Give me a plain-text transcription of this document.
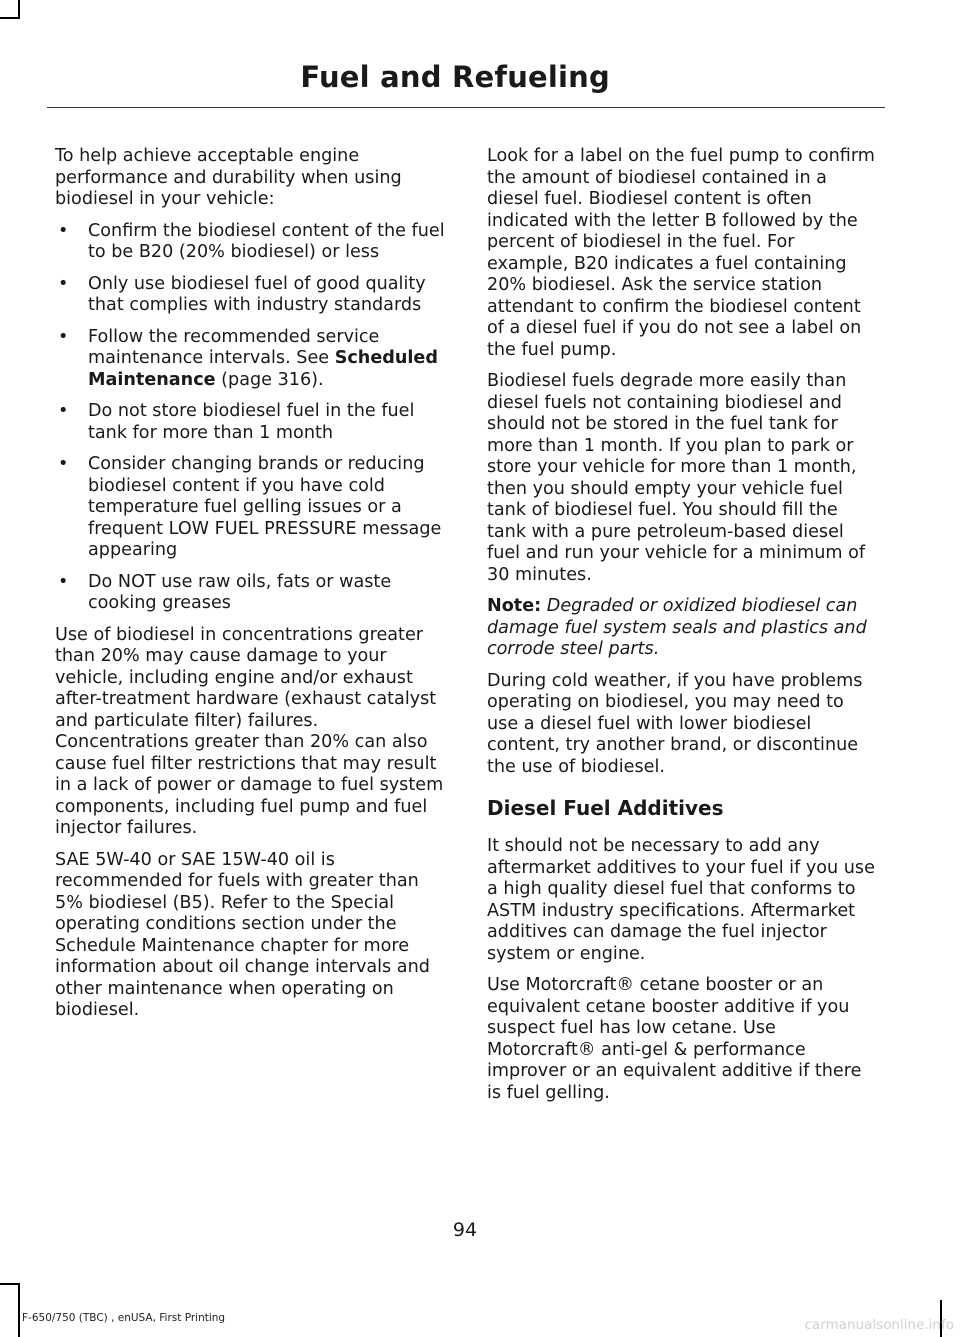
Fuel and Refueling

To help achieve acceptable engine performance and durability when using biodiesel in your vehicle:

• Confirm the biodiesel content of the fuel to be B20 (20% biodiesel) or less
• Only use biodiesel fuel of good quality that complies with industry standards
• Follow the recommended service maintenance intervals. See Scheduled Maintenance (page 316).
• Do not store biodiesel fuel in the fuel tank for more than 1 month
• Consider changing brands or reducing biodiesel content if you have cold temperature fuel gelling issues or a frequent LOW FUEL PRESSURE message appearing
• Do NOT use raw oils, fats or waste cooking greases

Use of biodiesel in concentrations greater than 20% may cause damage to your vehicle, including engine and/or exhaust after-treatment hardware (exhaust catalyst and particulate filter) failures. Concentrations greater than 20% can also cause fuel filter restrictions that may result in a lack of power or damage to fuel system components, including fuel pump and fuel injector failures.

SAE 5W-40 or SAE 15W-40 oil is recommended for fuels with greater than 5% biodiesel (B5). Refer to the Special operating conditions section under the Schedule Maintenance chapter for more information about oil change intervals and other maintenance when operating on biodiesel.

Look for a label on the fuel pump to confirm the amount of biodiesel contained in a diesel fuel. Biodiesel content is often indicated with the letter B followed by the percent of biodiesel in the fuel. For example, B20 indicates a fuel containing 20% biodiesel. Ask the service station attendant to confirm the biodiesel content of a diesel fuel if you do not see a label on the fuel pump.

Biodiesel fuels degrade more easily than diesel fuels not containing biodiesel and should not be stored in the fuel tank for more than 1 month. If you plan to park or store your vehicle for more than 1 month, then you should empty your vehicle fuel tank of biodiesel fuel. You should fill the tank with a pure petroleum-based diesel fuel and run your vehicle for a minimum of 30 minutes.

Note: Degraded or oxidized biodiesel can damage fuel system seals and plastics and corrode steel parts.

During cold weather, if you have problems operating on biodiesel, you may need to use a diesel fuel with lower biodiesel content, try another brand, or discontinue the use of biodiesel.

Diesel Fuel Additives

It should not be necessary to add any aftermarket additives to your fuel if you use a high quality diesel fuel that conforms to ASTM industry specifications. Aftermarket additives can damage the fuel injector system or engine.

Use Motorcraft® cetane booster or an equivalent cetane booster additive if you suspect fuel has low cetane. Use Motorcraft® anti-gel & performance improver or an equivalent additive if there is fuel gelling.

94
F-650/750 (TBC) , enUSA, First Printing	carmanualsonline.info
